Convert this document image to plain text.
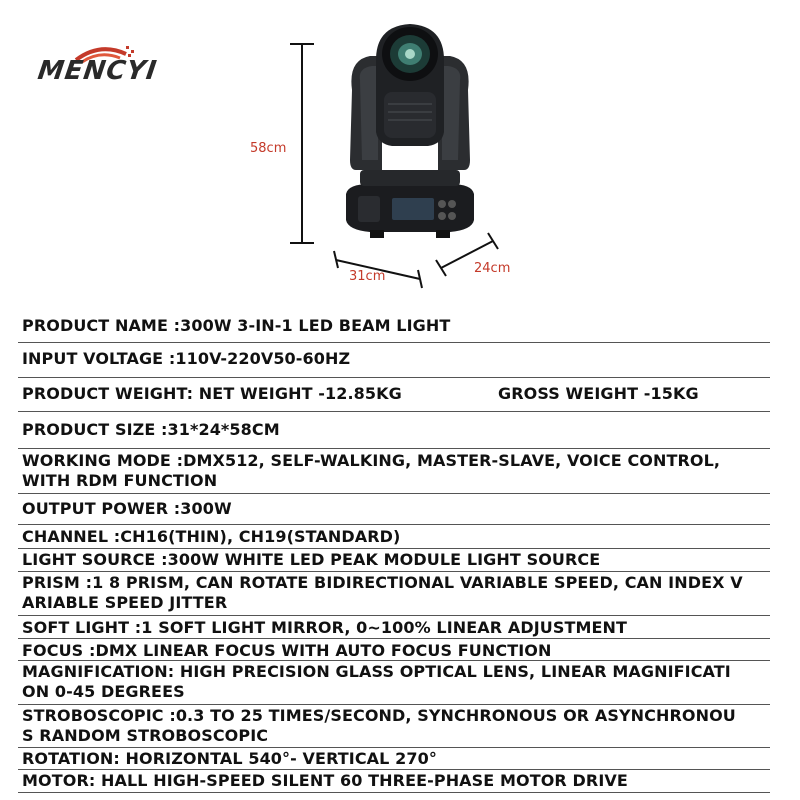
MENCYI
58cm
31cm
24cm
PRODUCT NAME :300W 3-IN-1 LED BEAM LIGHT
INPUT VOLTAGE :110V-220V50-60HZ
PRODUCT WEIGHT: NET WEIGHT -12.85KG	GROSS WEIGHT -15KG
PRODUCT SIZE :31*24*58CM
WORKING MODE :DMX512, SELF-WALKING, MASTER-SLAVE, VOICE CONTROL,
WITH RDM FUNCTION
OUTPUT POWER :300W
CHANNEL :CH16(THIN), CH19(STANDARD)
LIGHT SOURCE :300W WHITE LED PEAK MODULE LIGHT SOURCE
PRISM :1 8 PRISM, CAN ROTATE BIDIRECTIONAL VARIABLE SPEED, CAN INDEX V
ARIABLE SPEED JITTER
SOFT LIGHT :1 SOFT LIGHT MIRROR, 0~100% LINEAR ADJUSTMENT
FOCUS :DMX LINEAR FOCUS WITH AUTO FOCUS FUNCTION
MAGNIFICATION: HIGH PRECISION GLASS OPTICAL LENS, LINEAR MAGNIFICATI
ON 0-45 DEGREES
STROBOSCOPIC :0.3 TO 25 TIMES/SECOND, SYNCHRONOUS OR ASYNCHRONOU
S RANDOM STROBOSCOPIC
ROTATION: HORIZONTAL 540°- VERTICAL 270°
MOTOR: HALL HIGH-SPEED SILENT 60 THREE-PHASE MOTOR DRIVE
